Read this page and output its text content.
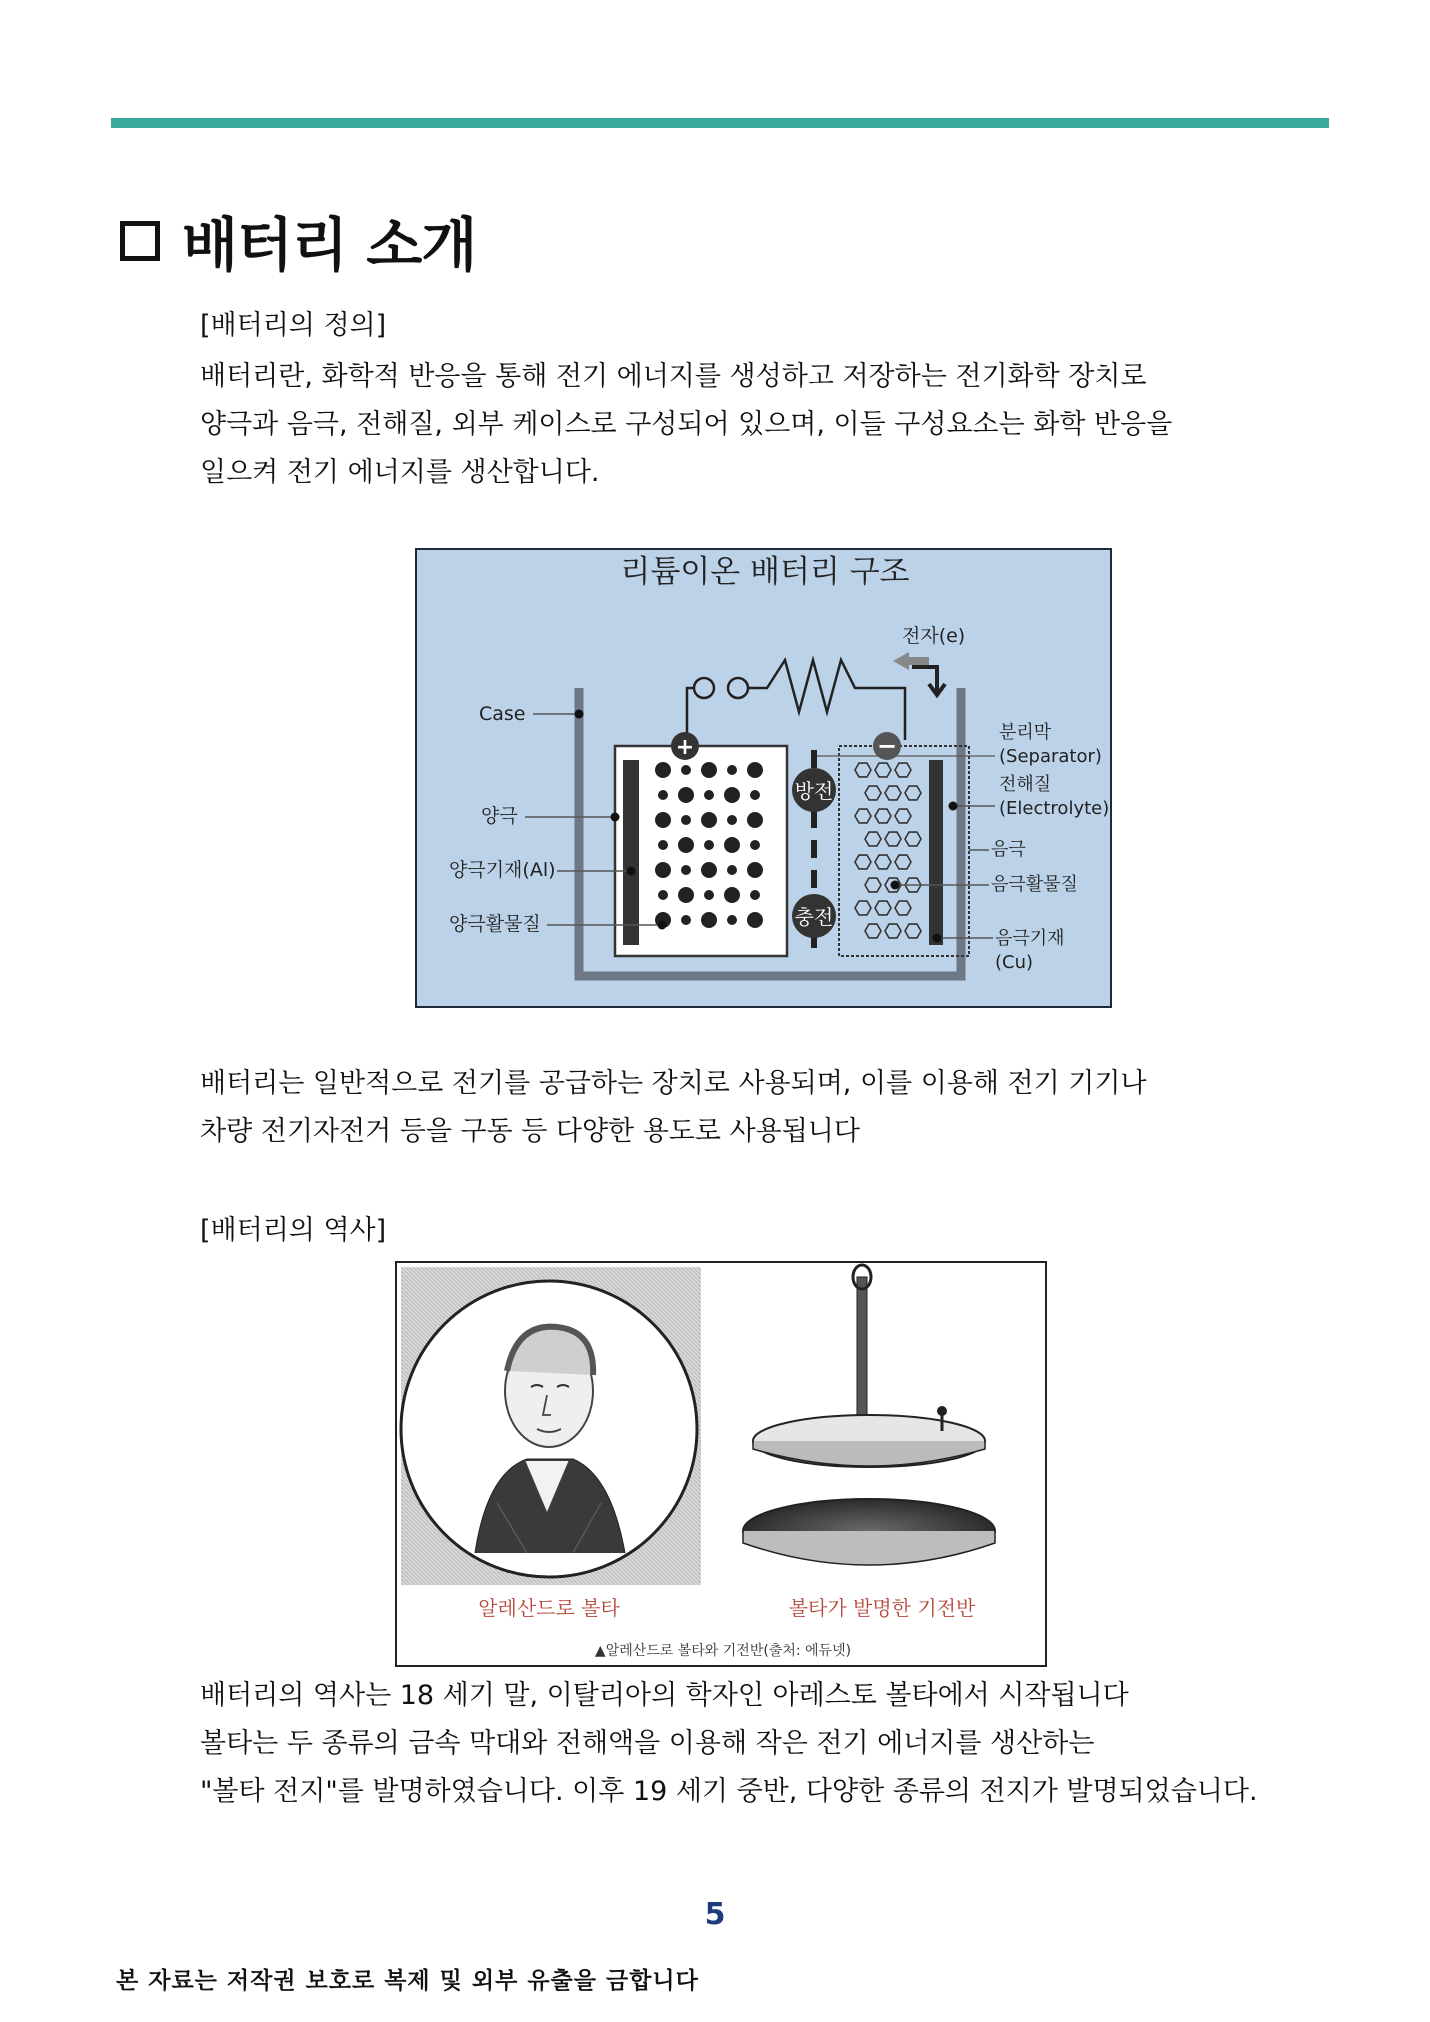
배터리 소개
[배터리의 정의]
배터리란, 화학적 반응을 통해 전기 에너지를 생성하고 저장하는 전기화학 장치로
양극과 음극, 전해질, 외부 케이스로 구성되어 있으며, 이들 구성요소는 화학 반응을
일으켜 전기 에너지를 생산합니다.
리튬이온 배터리 구조
전자(e)
+
방전
충전
−
Case
양극
양극기재(Al)
양극활물질
분리막
(Separator)
전해질
(Electrolyte)
음극
음극활물질
음극기재
(Cu)
배터리는 일반적으로 전기를 공급하는 장치로 사용되며, 이를 이용해 전기 기기나
차량 전기자전거 등을 구동 등 다양한 용도로 사용됩니다
[배터리의 역사]
알레산드로 볼타	볼타가 발명한 기전반
▲알레산드로 볼타와 기전반(출처: 에듀넷)
배터리의 역사는 18 세기 말, 이탈리아의 학자인 아레스토 볼타에서 시작됩니다
볼타는 두 종류의 금속 막대와 전해액을 이용해 작은 전기 에너지를 생산하는
"볼타 전지"를 발명하였습니다. 이후 19 세기 중반, 다양한 종류의 전지가 발명되었습니다.
5
본 자료는 저작권 보호로 복제 및 외부 유출을 금합니다
